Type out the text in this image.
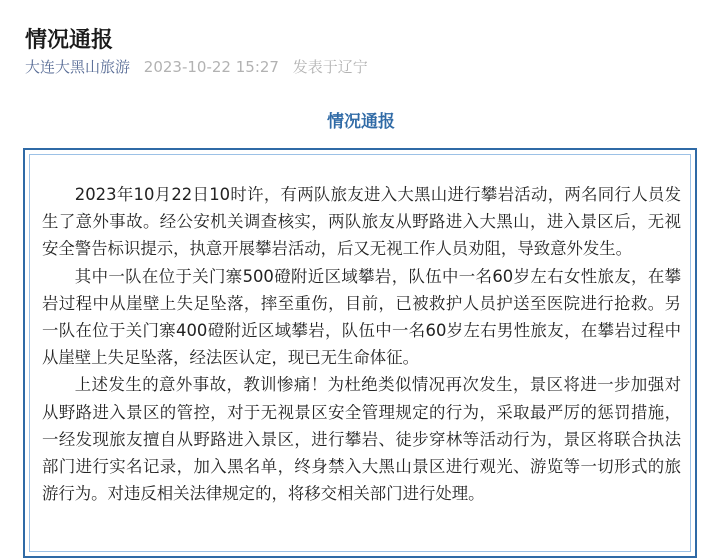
情况通报
大连大黑山旅游 2023-10-22 15:27 发表于辽宁
情况通报

2023年10月22日10时许，有两队旅友进入大黑山进行攀岩活动，两名同行人员发生了意外事故。经公安机关调查核实，两队旅友从野路进入大黑山，进入景区后，无视安全警告标识提示，执意开展攀岩活动，后又无视工作人员劝阻，导致意外发生。

其中一队在位于关门寨500磴附近区域攀岩，队伍中一名60岁左右女性旅友，在攀岩过程中从崖壁上失足坠落，摔至重伤，目前，已被救护人员护送至医院进行抢救。另一队在位于关门寨400磴附近区域攀岩，队伍中一名60岁左右男性旅友，在攀岩过程中从崖壁上失足坠落，经法医认定，现已无生命体征。

上述发生的意外事故，教训惨痛！为杜绝类似情况再次发生，景区将进一步加强对从野路进入景区的管控，对于无视景区安全管理规定的行为，采取最严厉的惩罚措施，一经发现旅友擅自从野路进入景区，进行攀岩、徒步穿林等活动行为，景区将联合执法部门进行实名记录，加入黑名单，终身禁入大黑山景区进行观光、游览等一切形式的旅游行为。对违反相关法律规定的，将移交相关部门进行处理。
